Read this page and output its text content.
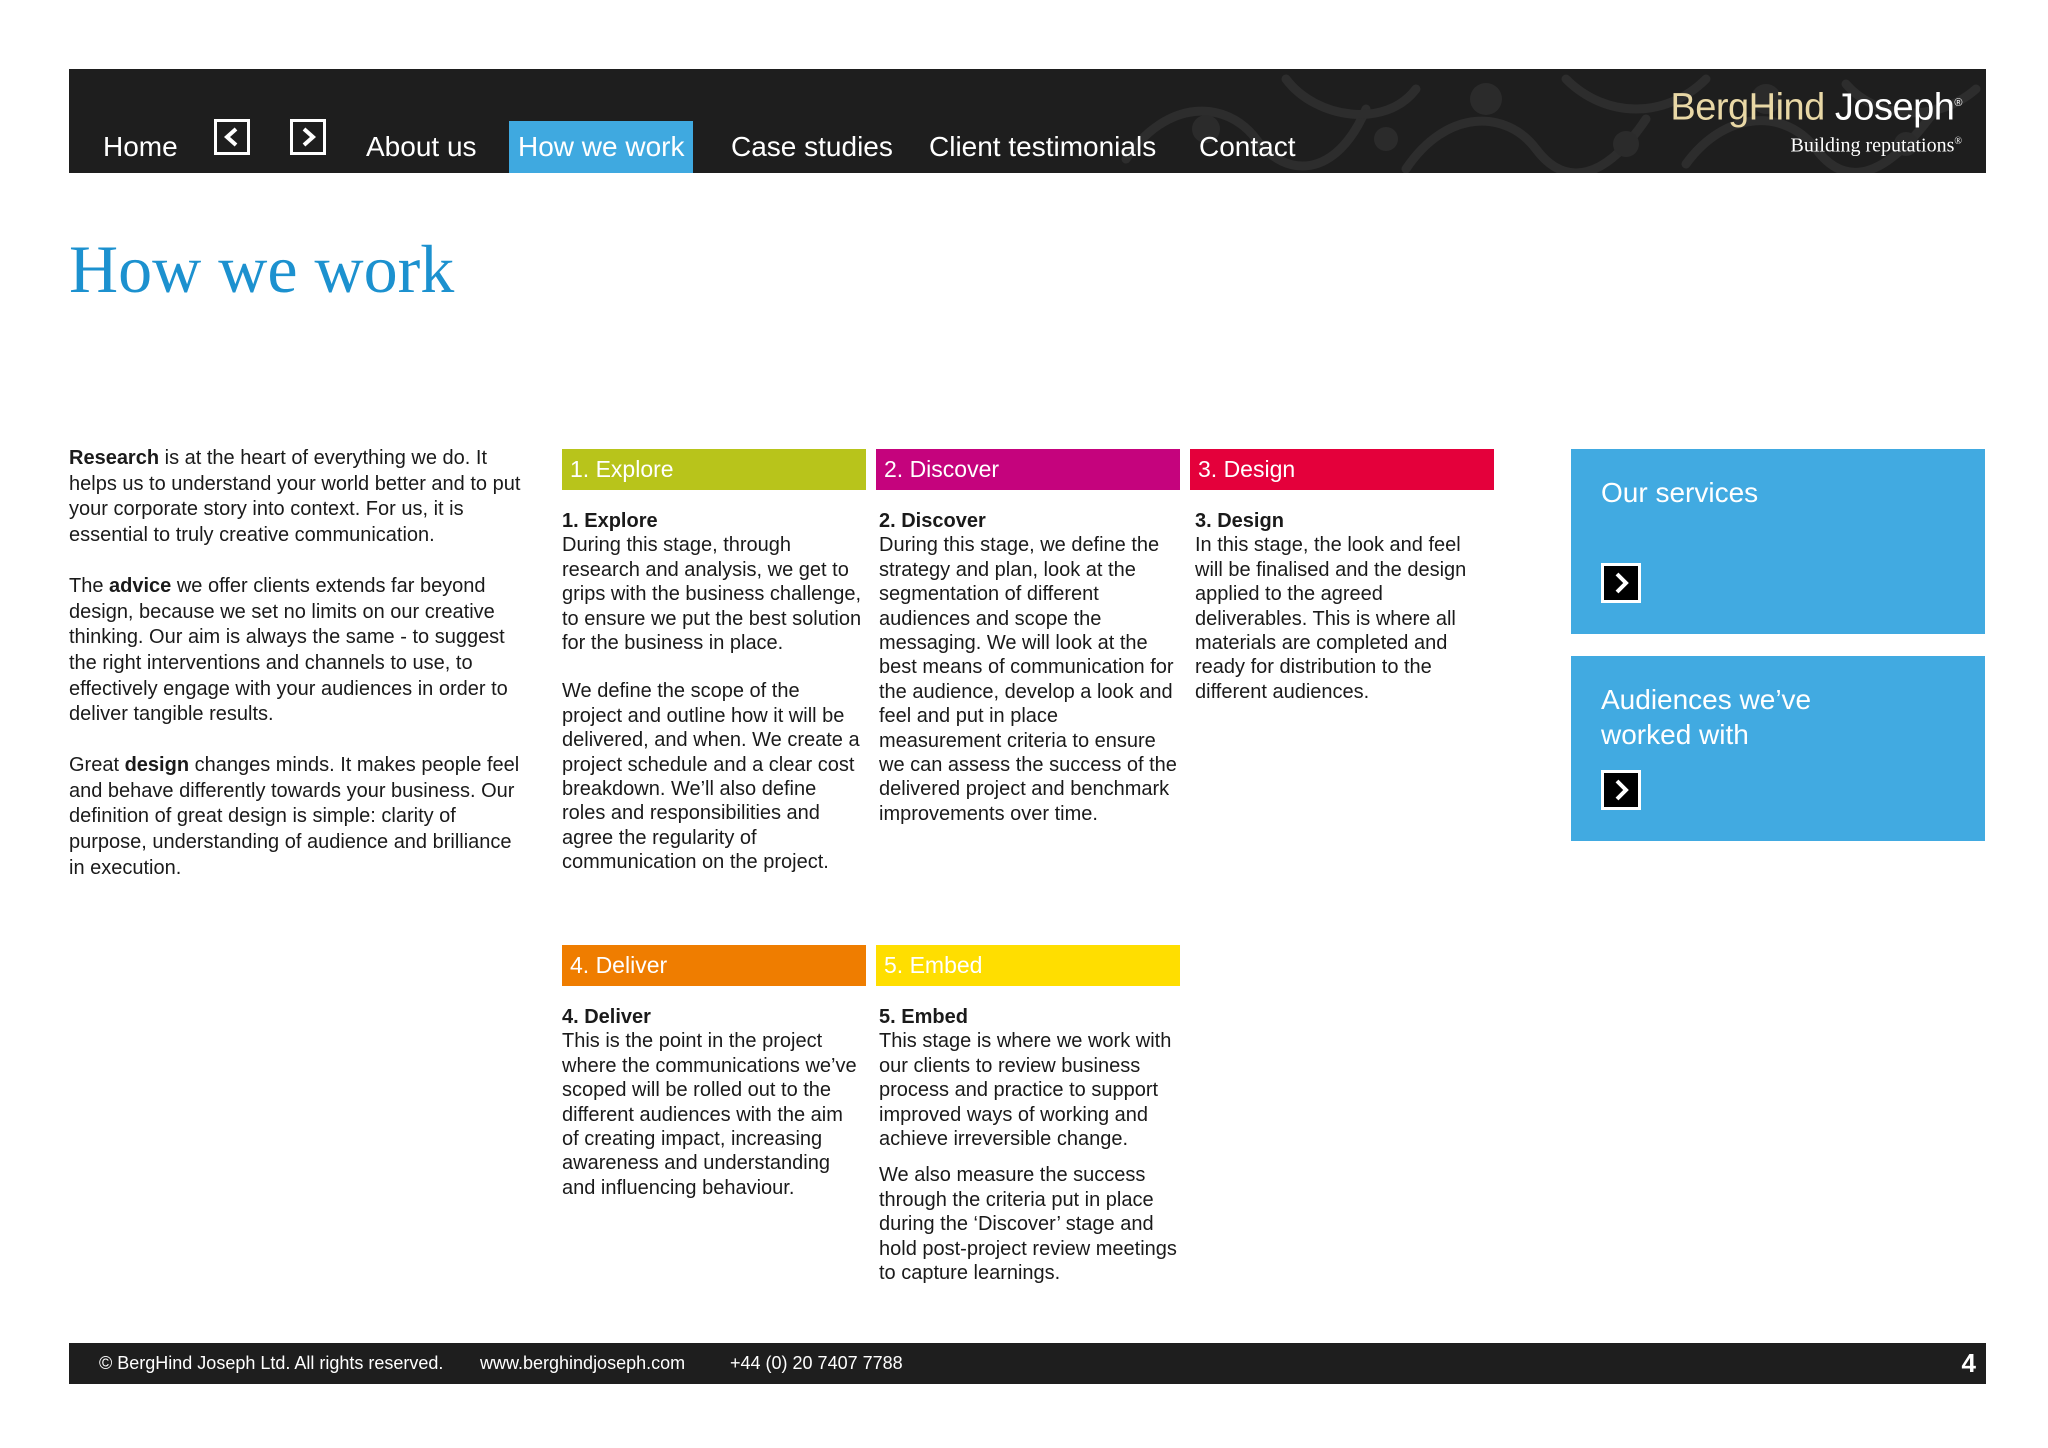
Home	About us	How we work	Case studies Client testimonials Contact
BergHind Joseph®
Building reputations®
How we work

Research is at the heart of everything we do. It helps us to understand your world better and to put your corporate story into context. For us, it is essential to truly creative communication.

The advice we offer clients extends far beyond design, because we set no limits on our creative thinking. Our aim is always the same - to suggest the right interventions and channels to use, to effectively engage with your audiences in order to deliver tangible results.

Great design changes minds. It makes people feel and behave differently towards your business. Our definition of great design is simple: clarity of purpose, understanding of audience and brilliance in execution.

1. Explore	2. Discover	3. Design
4. Deliver	5. Embed
1. Explore

During this stage, through research and analysis, we get to grips with the business challenge, to ensure we put the best solution for the business in place.

We define the scope of the project and outline how it will be delivered, and when. We create a project schedule and a clear cost breakdown. We’ll also define roles and responsibilities and agree the regularity of communication on the project.

2. Discover

During this stage, we define the strategy and plan, look at the segmentation of different audiences and scope the messaging. We will look at the best means of communication for the audience, develop a look and feel and put in place measurement criteria to ensure we can assess the success of the delivered project and benchmark improvements over time.

3. Design

In this stage, the look and feel will be finalised and the design applied to the agreed deliverables. This is where all materials are completed and ready for distribution to the different audiences.

4. Deliver

This is the point in the project where the communications we’ve scoped will be rolled out to the different audiences with the aim of creating impact, increasing awareness and understanding and influencing behaviour.

5. Embed

This stage is where we work with our clients to review business process and practice to support improved ways of working and achieve irreversible change.

We also measure the success through the criteria put in place during the ‘Discover’ stage and hold post-project review meetings to capture learnings.

Our services
Audiences we’ve
worked with
© BergHind Joseph Ltd. All rights reserved. www.berghindjoseph.com +44 (0) 20 7407 7788	4
